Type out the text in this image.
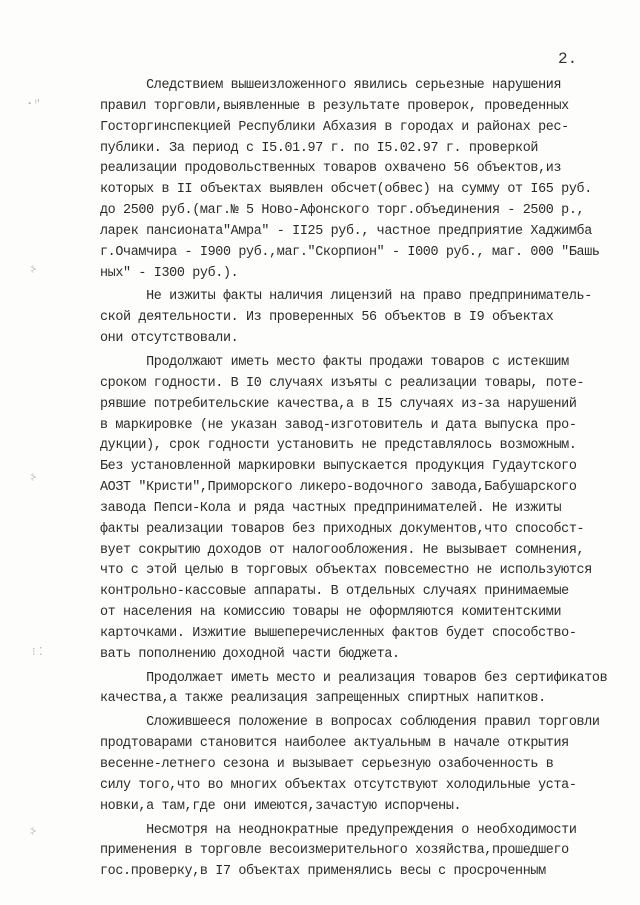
2.
ꞏ ⁱꞌ
⸖
⸖
⁝ ⁚
⸖
Следствием вышеизложенного явились серьезные нарушения
правил торговли,выявленные в результате проверок, проведенных
Госторгинспекцией Республики Абхазия в городах и районах рес-
публики. За период с I5.01.97 г. по I5.02.97 г. проверкой
реализации продовольственных товаров охвачено 56 объектов,из
которых в II объектах выявлен обсчет(обвес) на сумму от I65 руб.
до 2500 руб.(маг.№ 5 Ново-Афонского торг.объединения - 2500 р.,
ларек пансионата"Амра" - II25 руб., частное предприятие Хаджимба
г.Очамчира - I900 руб.,маг."Скорпион" - I000 руб., маг. 000 "Башь
ных" - I300 руб.).
Не изжиты факты наличия лицензий на право предприниматель-
ской деятельности. Из проверенных 56 объектов в I9 объектах
они отсутствовали.
Продолжают иметь место факты продажи товаров с истекшим
сроком годности. В I0 случаях изъяты с реализации товары, поте-
рявшие потребительские качества,а в I5 случаях из-за нарушений
в маркировке (не указан завод-изготовитель и дата выпуска про-
дукции), срок годности установить не представлялось возможным.
Без установленной маркировки выпускается продукция Гудаутского
АОЗТ "Кристи",Приморского ликеро-водочного завода,Бабушарского
завода Пепси-Кола и ряда частных предпринимателей. Не изжиты
факты реализации товаров без приходных документов,что способст-
вует сокрытию доходов от налогообложения. Не вызывает сомнения,
что с этой целью в торговых объектах повсеместно не используются
контрольно-кассовые аппараты. В отдельных случаях принимаемые
от населения на комиссию товары не оформляются комитентскими
карточками. Изжитие вышеперечисленных фактов будет способство-
вать пополнению доходной части бюджета.
Продолжает иметь место и реализация товаров без сертификатов
качества,а также реализация запрещенных спиртных напитков.
Сложившееся положение в вопросах соблюдения правил торговли
продтоварами становится наиболее актуальным в начале открытия
весенне-летнего сезона и вызывает серьезную озабоченность в
силу того,что во многих объектах отсутствуют холодильные уста-
новки,а там,где они имеются,зачастую испорчены.
Несмотря на неоднократные предупреждения о необходимости
применения в торговле весоизмерительного хозяйства,прошедшего
гос.проверку,в I7 объектах применялись весы с просроченным
